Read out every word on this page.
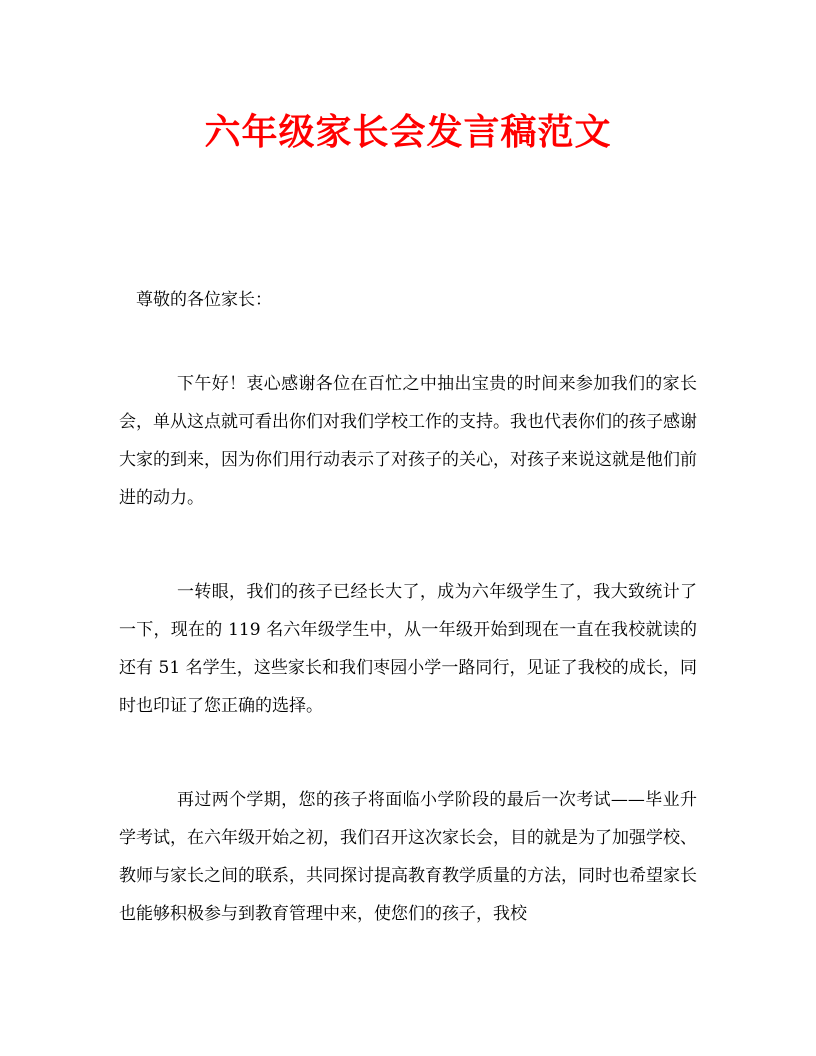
六年级家长会发言稿范文

尊敬的各位家长：

下午好！衷心感谢各位在百忙之中抽出宝贵的时间来参加我们的家长会，单从这点就可看出你们对我们学校工作的支持。我也代表你们的孩子感谢大家的到来，因为你们用行动表示了对孩子的关心，对孩子来说这就是他们前进的动力。

一转眼，我们的孩子已经长大了，成为六年级学生了，我大致统计了一下，现在的 119 名六年级学生中，从一年级开始到现在一直在我校就读的还有 51 名学生，这些家长和我们枣园小学一路同行，见证了我校的成长，同时也印证了您正确的选择。

再过两个学期，您的孩子将面临小学阶段的最后一次考试——毕业升学考试，在六年级开始之初，我们召开这次家长会，目的就是为了加强学校、教师与家长之间的联系，共同探讨提高教育教学质量的方法，同时也希望家长也能够积极参与到教育管理中来，使您们的孩子，我校
